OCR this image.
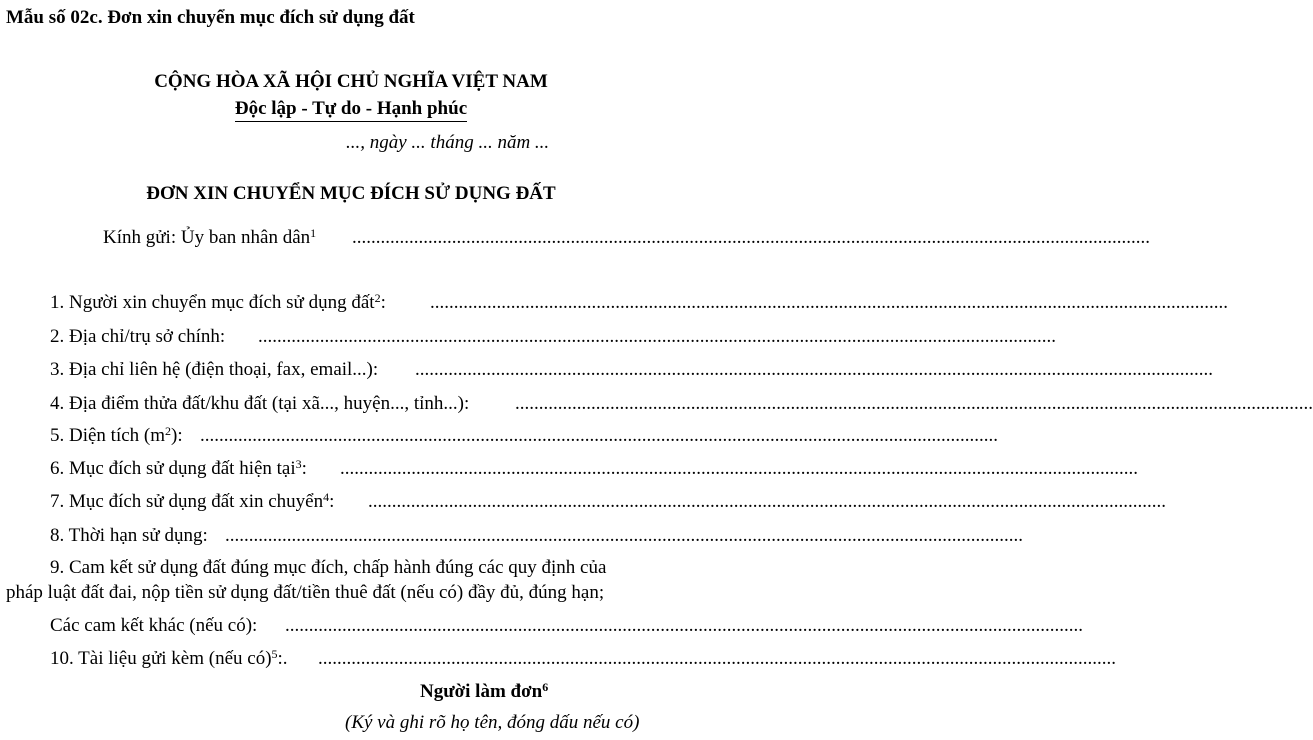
Mẫu số 02c. Đơn xin chuyển mục đích sử dụng đất
CỘNG HÒA XÃ HỘI CHỦ NGHĨA VIỆT NAM
Độc lập - Tự do - Hạnh phúc
..., ngày ... tháng ... năm ...
ĐƠN XIN CHUYỂN MỤC ĐÍCH SỬ DỤNG ĐẤT
Kính gửi: Ủy ban nhân dân$^1$ ........................................................................................................................................................................
1. Người xin chuyển mục đích sử dụng đất$^2$: ........................................................................................................................................................................
2. Địa chỉ/trụ sở chính: ........................................................................................................................................................................
3. Địa chỉ liên hệ (điện thoại, fax, email...): ........................................................................................................................................................................
4. Địa điểm thửa đất/khu đất (tại xã..., huyện..., tỉnh...): ........................................................................................................................................................................
5. Diện tích $(m^2)$: ........................................................................................................................................................................
6. Mục đích sử dụng đất hiện tại$^3$: ........................................................................................................................................................................
7. Mục đích sử dụng đất xin chuyển$^4$: ........................................................................................................................................................................
8. Thời hạn sử dụng: ........................................................................................................................................................................
9. Cam kết sử dụng đất đúng mục đích, chấp hành đúng các quy định của
pháp luật đất đai, nộp tiền sử dụng đất/tiền thuê đất (nếu có) đầy đủ, đúng hạn;
Các cam kết khác (nếu có): ........................................................................................................................................................................
10. Tài liệu gửi kèm (nếu có)$^5$:. ........................................................................................................................................................................
Người làm đơn$^6$
(Ký và ghi rõ họ tên, đóng dấu nếu có)
